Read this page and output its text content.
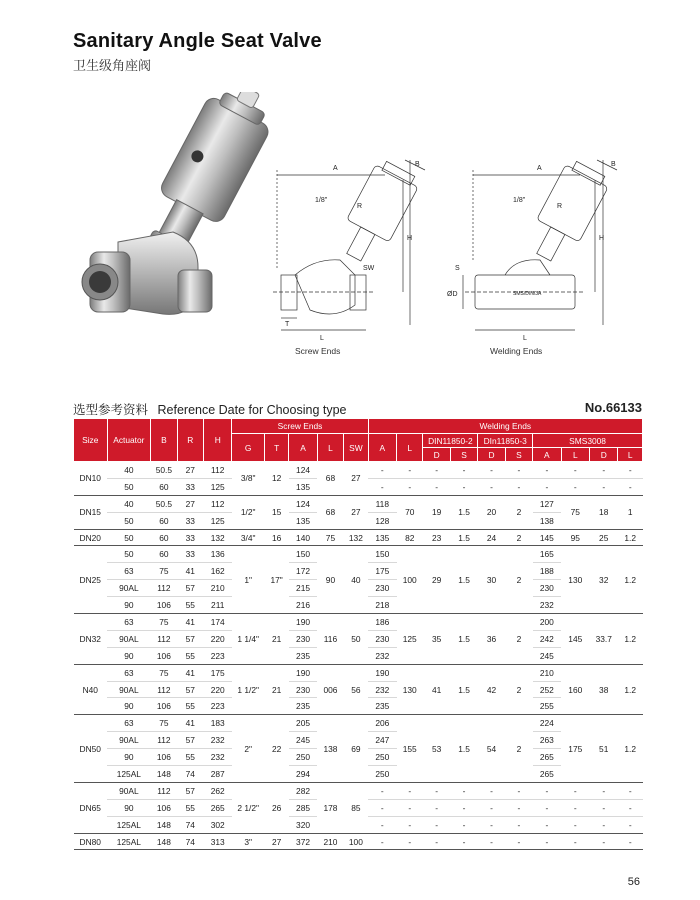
Sanitary Angle Seat Valve
卫生级角座阀
A
B
1/8"
R
H
SW
T
L
Screw Ends
A
B
1/8"
R
H
S
ØD	SMS/DIN/3A
L
Welding Ends
选型参考资料 Reference Date for Choosing type	No.66133
Size	Actuator	B	R	H	Screw Ends					Welding Ends									
					G	T	A	L	SW	A	L	DIN11850-2		DIn11850-3		SMS3008			
												D	S	D	S	A	L	D	L
DN10	40	50.5	27	112	3/8"	12	124	68	27	-	-	-	-	-	-	-	-	-	-
	50	60	33	125			135			-	-	-	-	-	-	-	-	-	-
DN15	40	50.5	27	112	1/2"	15	124	68	27	118	70	19	1.5	20	2	127	75	18	1
	50	60	33	125			135			128						138			
DN20	50	60	33	132	3/4"	16	140	75	132	135	82	23	1.5	24	2	145	95	25	1.2
DN25	50	60	33	136	1"	17"	150	90	40	150	100	29	1.5	30	2	165	130	32	1.2
	63	75	41	162			172			175						188			
	90AL	112	57	210			215			230						230			
	90	106	55	211			216			218						232			
DN32	63	75	41	174	1 1/4"	21	190	116	50	186	125	35	1.5	36	2	200	145	33.7	1.2
	90AL	112	57	220			230			230						242			
	90	106	55	223			235			232						245			
N40	63	75	41	175	1 1/2"	21	190	006	56	190	130	41	1.5	42	2	210	160	38	1.2
	90AL	112	57	220			230			232						252			
	90	106	55	223			235			235						255			
DN50	63	75	41	183	2"	22	205	138	69	206	155	53	1.5	54	2	224	175	51	1.2
	90AL	112	57	232			245			247						263			
	90	106	55	232			250			250						265			
	125AL	148	74	287			294			250						265			
DN65	90AL	112	57	262	2 1/2"	26	282	178	85	-	-	-	-	-	-	-	-	-	-
	90	106	55	265			285			-	-	-	-	-	-	-	-	-	-
	125AL	148	74	302			320			-	-	-	-	-	-	-	-	-	-
DN80	125AL	148	74	313	3"	27	372	210	100	-	-	-	-	-	-	-	-	-	-
56
